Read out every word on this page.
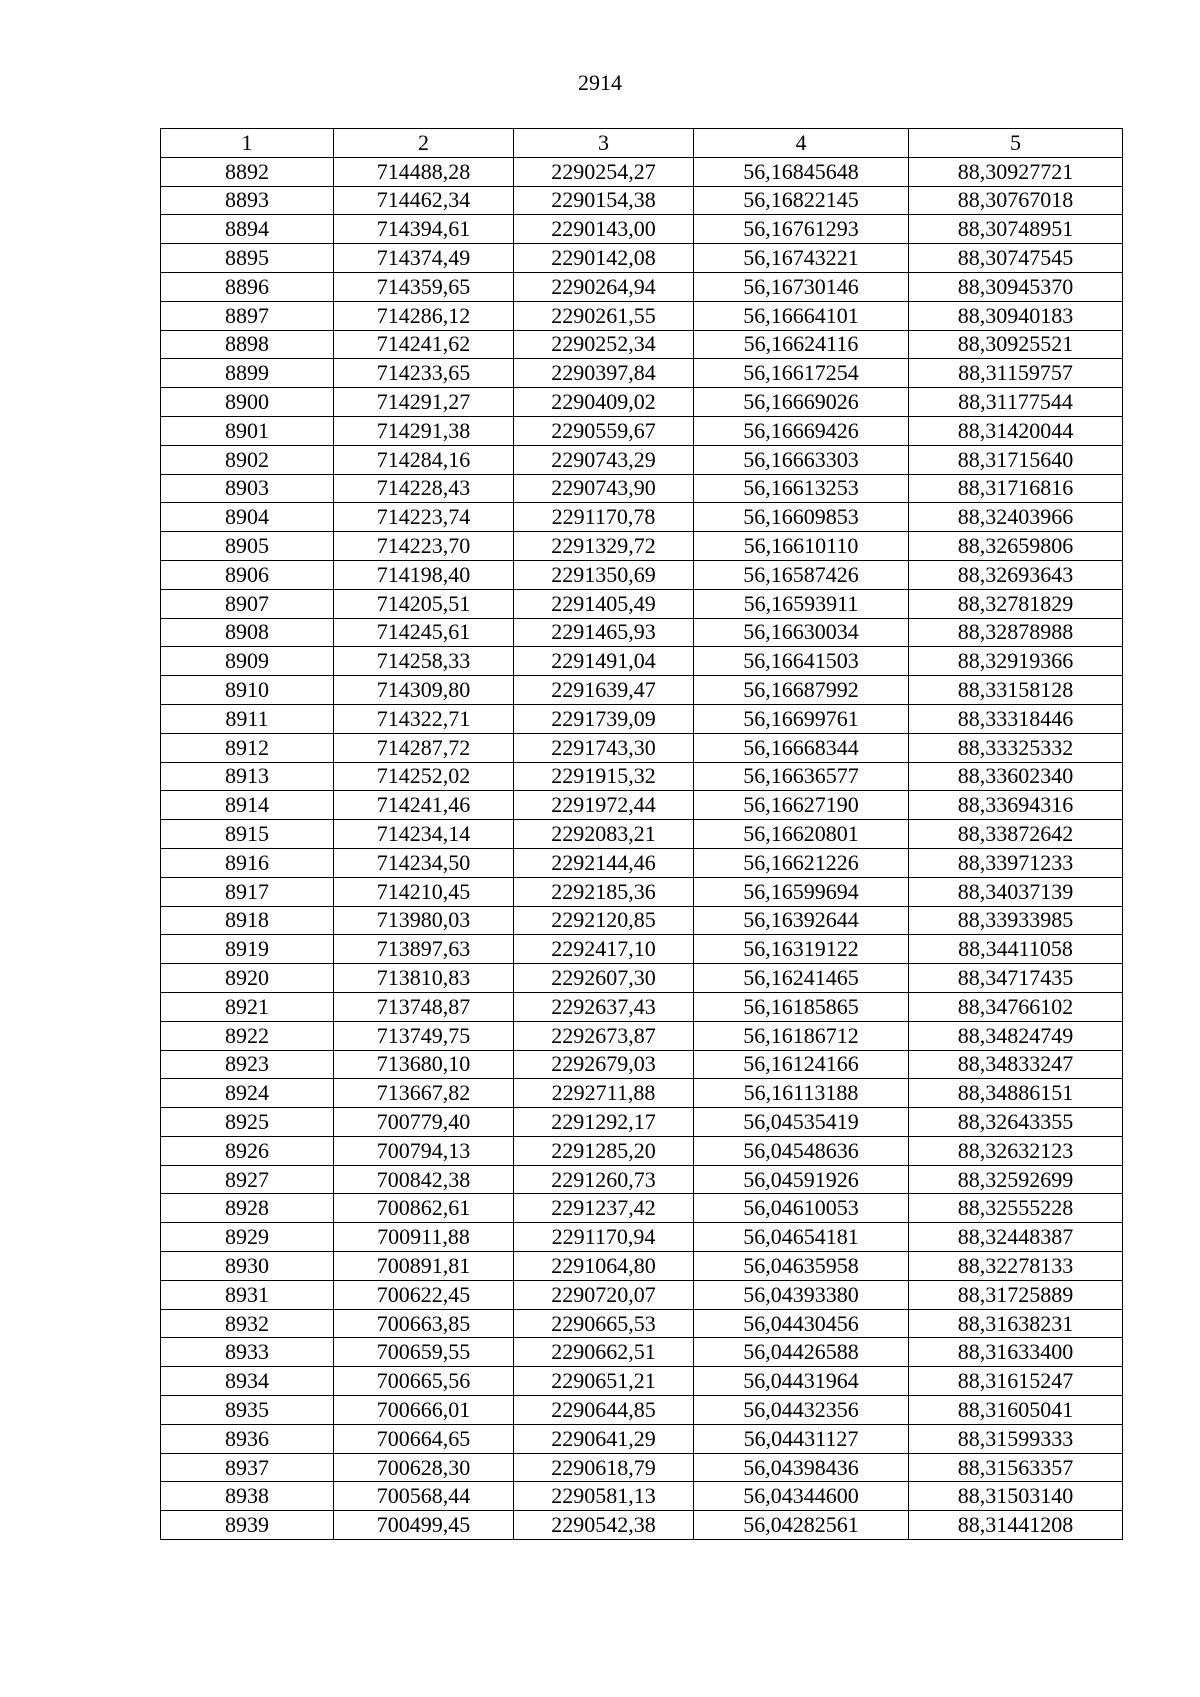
2914
1	2	3	4	5
8892	714488,28	2290254,27	56,16845648	88,30927721
8893	714462,34	2290154,38	56,16822145	88,30767018
8894	714394,61	2290143,00	56,16761293	88,30748951
8895	714374,49	2290142,08	56,16743221	88,30747545
8896	714359,65	2290264,94	56,16730146	88,30945370
8897	714286,12	2290261,55	56,16664101	88,30940183
8898	714241,62	2290252,34	56,16624116	88,30925521
8899	714233,65	2290397,84	56,16617254	88,31159757
8900	714291,27	2290409,02	56,16669026	88,31177544
8901	714291,38	2290559,67	56,16669426	88,31420044
8902	714284,16	2290743,29	56,16663303	88,31715640
8903	714228,43	2290743,90	56,16613253	88,31716816
8904	714223,74	2291170,78	56,16609853	88,32403966
8905	714223,70	2291329,72	56,16610110	88,32659806
8906	714198,40	2291350,69	56,16587426	88,32693643
8907	714205,51	2291405,49	56,16593911	88,32781829
8908	714245,61	2291465,93	56,16630034	88,32878988
8909	714258,33	2291491,04	56,16641503	88,32919366
8910	714309,80	2291639,47	56,16687992	88,33158128
8911	714322,71	2291739,09	56,16699761	88,33318446
8912	714287,72	2291743,30	56,16668344	88,33325332
8913	714252,02	2291915,32	56,16636577	88,33602340
8914	714241,46	2291972,44	56,16627190	88,33694316
8915	714234,14	2292083,21	56,16620801	88,33872642
8916	714234,50	2292144,46	56,16621226	88,33971233
8917	714210,45	2292185,36	56,16599694	88,34037139
8918	713980,03	2292120,85	56,16392644	88,33933985
8919	713897,63	2292417,10	56,16319122	88,34411058
8920	713810,83	2292607,30	56,16241465	88,34717435
8921	713748,87	2292637,43	56,16185865	88,34766102
8922	713749,75	2292673,87	56,16186712	88,34824749
8923	713680,10	2292679,03	56,16124166	88,34833247
8924	713667,82	2292711,88	56,16113188	88,34886151
8925	700779,40	2291292,17	56,04535419	88,32643355
8926	700794,13	2291285,20	56,04548636	88,32632123
8927	700842,38	2291260,73	56,04591926	88,32592699
8928	700862,61	2291237,42	56,04610053	88,32555228
8929	700911,88	2291170,94	56,04654181	88,32448387
8930	700891,81	2291064,80	56,04635958	88,32278133
8931	700622,45	2290720,07	56,04393380	88,31725889
8932	700663,85	2290665,53	56,04430456	88,31638231
8933	700659,55	2290662,51	56,04426588	88,31633400
8934	700665,56	2290651,21	56,04431964	88,31615247
8935	700666,01	2290644,85	56,04432356	88,31605041
8936	700664,65	2290641,29	56,04431127	88,31599333
8937	700628,30	2290618,79	56,04398436	88,31563357
8938	700568,44	2290581,13	56,04344600	88,31503140
8939	700499,45	2290542,38	56,04282561	88,31441208
